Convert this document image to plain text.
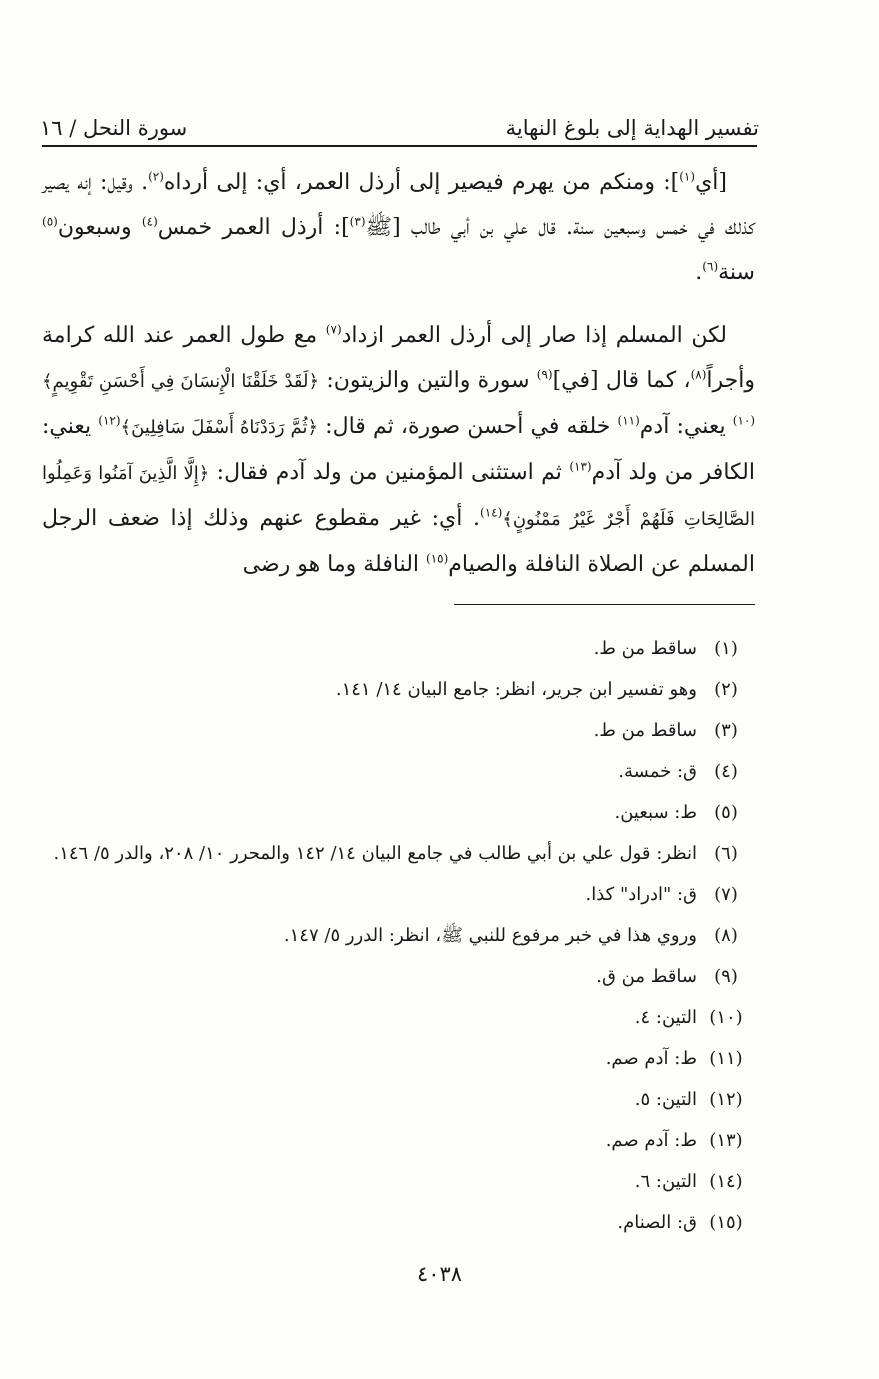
تفسير الهداية إلى بلوغ النهاية
سورة النحل / ١٦

[أي$^{(١)}$]: ومنكم من يهرم فيصير إلى أرذل العمر، أي: إلى أرداه$^{(٢)}$. وقيل: إنه يصير كذلك في خمس وسبعين سنة. قال علي بن أبي طالب [ﷺ$^{(٣)}$]: أرذل العمر خمس$^{(٤)}$ وسبعون$^{(٥)}$ سنة$^{(٦)}$.

لكن المسلم إذا صار إلى أرذل العمر ازداد$^{(٧)}$ مع طول العمر عند الله كرامة وأجراً$^{(٨)}$، كما قال [في]$^{(٩)}$ سورة والتين والزيتون: ﴿لَقَدْ خَلَقْنَا الْإِنسَانَ فِي أَحْسَنِ تَقْوِيمٍ﴾$^{(١٠)}$ يعني: آدم$^{(١١)}$ خلقه في أحسن صورة، ثم قال: ﴿ثُمَّ رَدَدْنَاهُ أَسْفَلَ سَافِلِينَ﴾$^{(١٢)}$ يعني: الكافر من ولد آدم$^{(١٣)}$ ثم استثنى المؤمنين من ولد آدم فقال: ﴿إِلَّا الَّذِينَ آمَنُوا وَعَمِلُوا الصَّالِحَاتِ فَلَهُمْ أَجْرٌ غَيْرُ مَمْنُونٍ﴾$^{(١٤)}$. أي: غير مقطوع عنهم وذلك إذا ضعف الرجل المسلم عن الصلاة النافلة والصيام$^{(١٥)}$ النافلة وما هو رضى

(١)
ساقط من ط.
(٢)
وهو تفسير ابن جرير، انظر: جامع البيان ١٤/ ١٤١.
(٣)
ساقط من ط.
(٤)
ق: خمسة.
(٥)
ط: سبعين.
(٦)
انظر: قول علي بن أبي طالب في جامع البيان ١٤/ ١٤٢ والمحرر ١٠/ ٢٠٨، والدر ٥/ ١٤٦.
(٧)
ق: "ادراد" كذا.
(٨)
وروي هذا في خبر مرفوع للنبي ﷺ، انظر: الدرر ٥/ ١٤٧.
(٩)
ساقط من ق.
(١٠)
التين: ٤.
(١١)
ط: آدم صم.
(١٢)
التين: ٥.
(١٣)
ط: آدم صم.
(١٤)
التين: ٦.
(١٥)
ق: الصنام.
٤٠٣٨
